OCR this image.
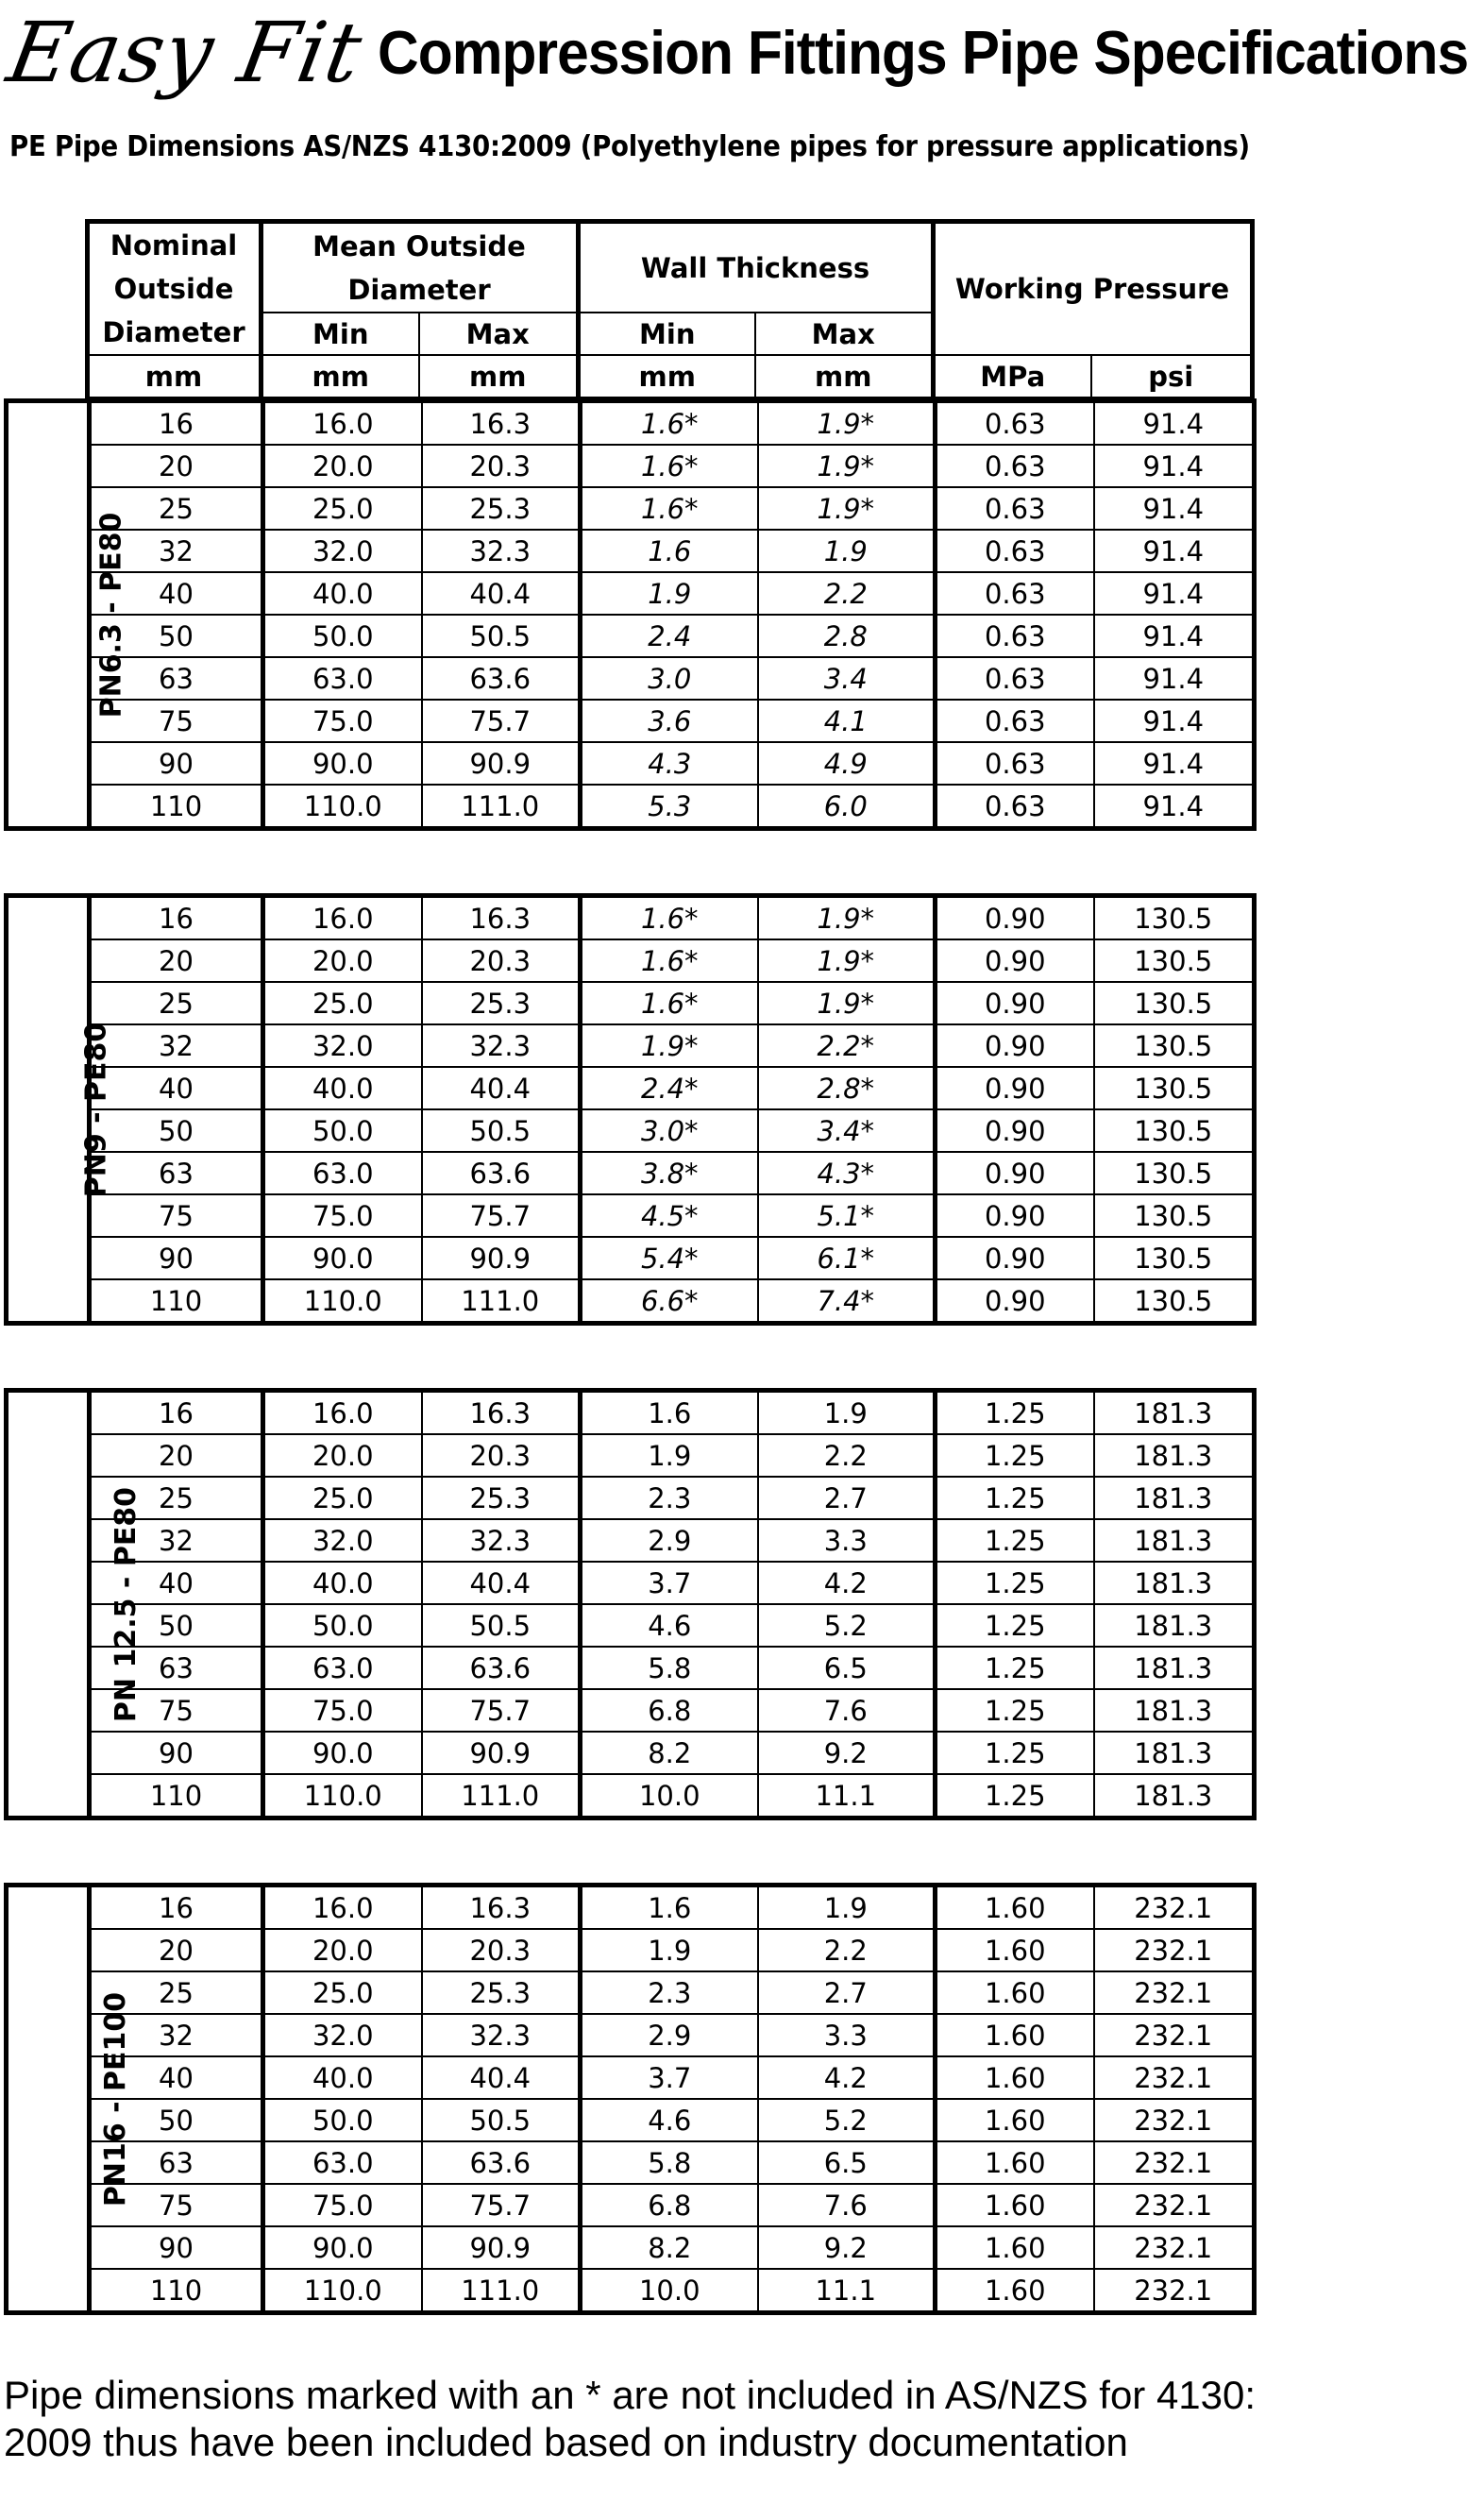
Easy Fit Compression Fittings Pipe Specifications
PE Pipe Dimensions AS/NZS 4130:2009 (Polyethylene pipes for pressure applications)

	Nominal
Outside
Diameter	Mean Outside Diameter		Wall Thickness		Working Pressure	

		Min	Max	Min	Max		
	mm	mm	mm	mm	mm	MPa	psi
PN6.3 - PE80	16	16.0	16.3	1.6*	1.9*	0.63	91.4
	20	20.0	20.3	1.6*	1.9*	0.63	91.4
	25	25.0	25.3	1.6*	1.9*	0.63	91.4
	32	32.0	32.3	1.6	1.9	0.63	91.4
	40	40.0	40.4	1.9	2.2	0.63	91.4
	50	50.0	50.5	2.4	2.8	0.63	91.4
	63	63.0	63.6	3.0	3.4	0.63	91.4
	75	75.0	75.7	3.6	4.1	0.63	91.4
	90	90.0	90.9	4.3	4.9	0.63	91.4
	110	110.0	111.0	5.3	6.0	0.63	91.4
PN9 - PE80	16	16.0	16.3	1.6*	1.9*	0.90	130.5
	20	20.0	20.3	1.6*	1.9*	0.90	130.5
	25	25.0	25.3	1.6*	1.9*	0.90	130.5
	32	32.0	32.3	1.9*	2.2*	0.90	130.5
	40	40.0	40.4	2.4*	2.8*	0.90	130.5
	50	50.0	50.5	3.0*	3.4*	0.90	130.5
	63	63.0	63.6	3.8*	4.3*	0.90	130.5
	75	75.0	75.7	4.5*	5.1*	0.90	130.5
	90	90.0	90.9	5.4*	6.1*	0.90	130.5
	110	110.0	111.0	6.6*	7.4*	0.90	130.5
PN 12.5 - PE80	16	16.0	16.3	1.6	1.9	1.25	181.3
	20	20.0	20.3	1.9	2.2	1.25	181.3
	25	25.0	25.3	2.3	2.7	1.25	181.3
	32	32.0	32.3	2.9	3.3	1.25	181.3
	40	40.0	40.4	3.7	4.2	1.25	181.3
	50	50.0	50.5	4.6	5.2	1.25	181.3
	63	63.0	63.6	5.8	6.5	1.25	181.3
	75	75.0	75.7	6.8	7.6	1.25	181.3
	90	90.0	90.9	8.2	9.2	1.25	181.3
	110	110.0	111.0	10.0	11.1	1.25	181.3
PN16 - PE100	16	16.0	16.3	1.6	1.9	1.60	232.1
	20	20.0	20.3	1.9	2.2	1.60	232.1
	25	25.0	25.3	2.3	2.7	1.60	232.1
	32	32.0	32.3	2.9	3.3	1.60	232.1
	40	40.0	40.4	3.7	4.2	1.60	232.1
	50	50.0	50.5	4.6	5.2	1.60	232.1
	63	63.0	63.6	5.8	6.5	1.60	232.1
	75	75.0	75.7	6.8	7.6	1.60	232.1
	90	90.0	90.9	8.2	9.2	1.60	232.1
	110	110.0	111.0	10.0	11.1	1.60	232.1
Pipe dimensions marked with an * are not included in AS/NZS for 4130: 2009 thus have been included based on industry documentation
